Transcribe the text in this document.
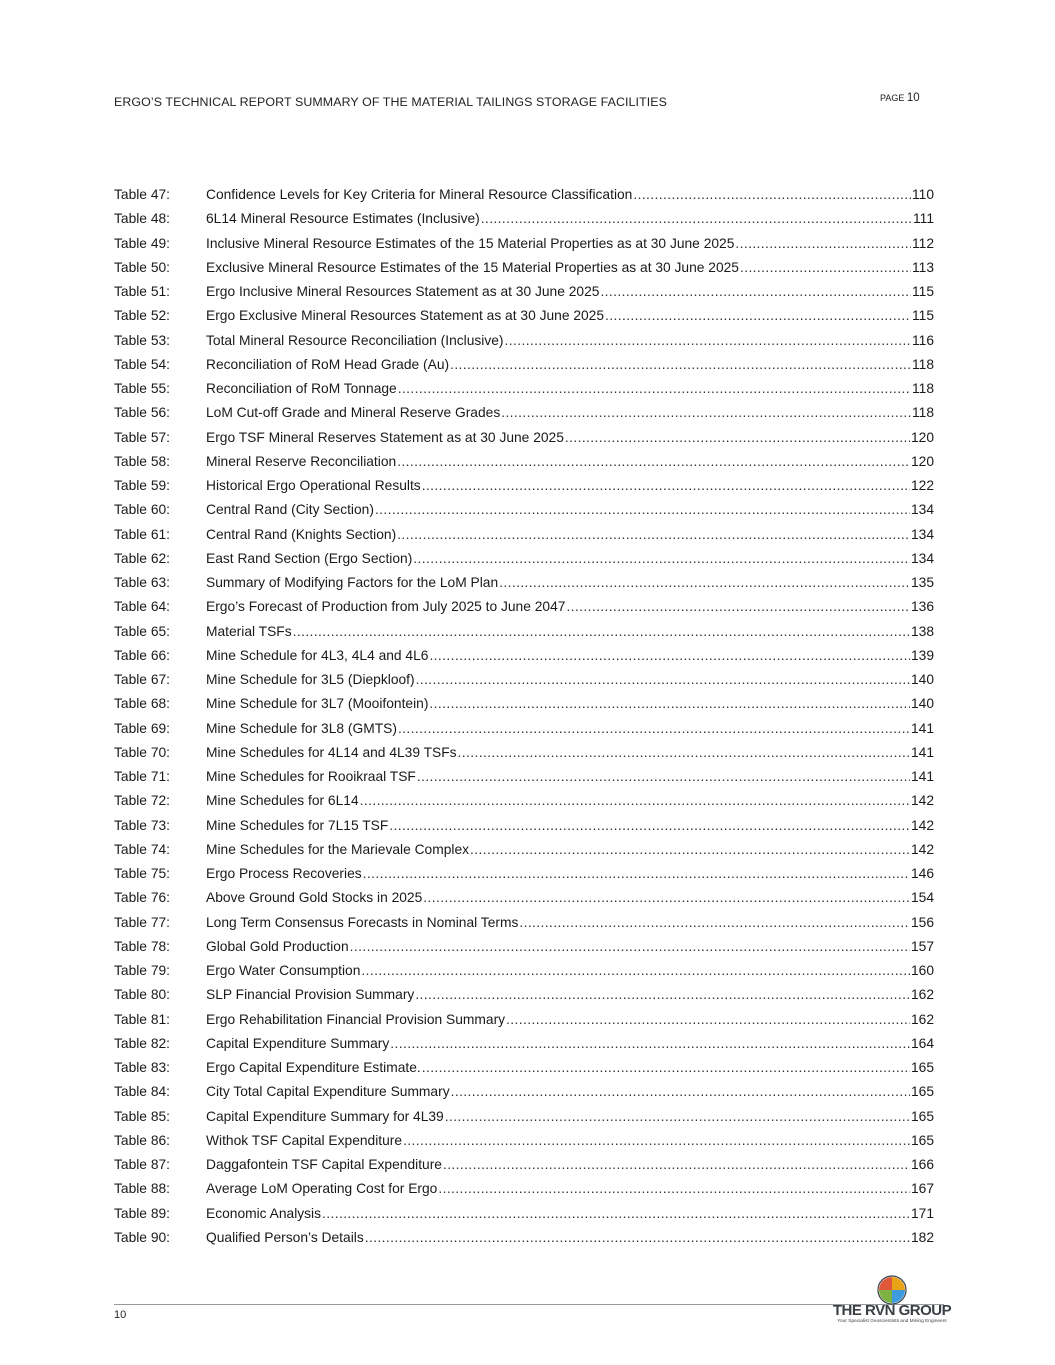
ERGO’S TECHNICAL REPORT SUMMARY OF THE MATERIAL TAILINGS STORAGE FACILITIES	PAGE 10
Table 47:	Confidence Levels for Key Criteria for Mineral Resource Classification .....	110
Table 48:	6L14 Mineral Resource Estimates (Inclusive) .....	111
Table 49:	Inclusive Mineral Resource Estimates of the 15 Material Properties as at 30 June 2025 .....	112
Table 50:	Exclusive Mineral Resource Estimates of the 15 Material Properties as at 30 June 2025 .....	113
Table 51:	Ergo Inclusive Mineral Resources Statement as at 30 June 2025 .....	115
Table 52:	Ergo Exclusive Mineral Resources Statement as at 30 June 2025 .....	115
Table 53:	Total Mineral Resource Reconciliation (Inclusive) .....	116
Table 54:	Reconciliation of RoM Head Grade (Au) .....	118
Table 55:	Reconciliation of RoM Tonnage .....	118
Table 56:	LoM Cut-off Grade and Mineral Reserve Grades .....	118
Table 57:	Ergo TSF Mineral Reserves Statement as at 30 June 2025 .....	120
Table 58:	Mineral Reserve Reconciliation .....	120
Table 59:	Historical Ergo Operational Results .....	122
Table 60:	Central Rand (City Section) .....	134
Table 61:	Central Rand (Knights Section) .....	134
Table 62:	East Rand Section (Ergo Section) .....	134
Table 63:	Summary of Modifying Factors for the LoM Plan .....	135
Table 64:	Ergo’s Forecast of Production from July 2025 to June 2047 .....	136
Table 65:	Material TSFs .....	138
Table 66:	Mine Schedule for 4L3, 4L4 and 4L6 .....	139
Table 67:	Mine Schedule for 3L5 (Diepkloof) .....	140
Table 68:	Mine Schedule for 3L7 (Mooifontein) .....	140
Table 69:	Mine Schedule for 3L8 (GMTS) .....	141
Table 70:	Mine Schedules for 4L14 and 4L39 TSFs .....	141
Table 71:	Mine Schedules for Rooikraal TSF .....	141
Table 72:	Mine Schedules for 6L14 .....	142
Table 73:	Mine Schedules for 7L15 TSF .....	142
Table 74:	Mine Schedules for the Marievale Complex .....	142
Table 75:	Ergo Process Recoveries .....	146
Table 76:	Above Ground Gold Stocks in 2025 .....	154
Table 77:	Long Term Consensus Forecasts in Nominal Terms .....	156
Table 78:	Global Gold Production .....	157
Table 79:	Ergo Water Consumption .....	160
Table 80:	SLP Financial Provision Summary .....	162
Table 81:	Ergo Rehabilitation Financial Provision Summary .....	162
Table 82:	Capital Expenditure Summary .....	164
Table 83:	Ergo Capital Expenditure Estimate. .....	165
Table 84:	City Total Capital Expenditure Summary .....	165
Table 85:	Capital Expenditure Summary for 4L39 .....	165
Table 86:	Withok TSF Capital Expenditure .....	165
Table 87:	Daggafontein TSF Capital Expenditure .....	166
Table 88:	Average LoM Operating Cost for Ergo .....	167
Table 89:	Economic Analysis .....	171
Table 90:	Qualified Person’s Details .....	182
10	THE RVN GROUP
Your Specialist Geoscientists and Mining Engineers
